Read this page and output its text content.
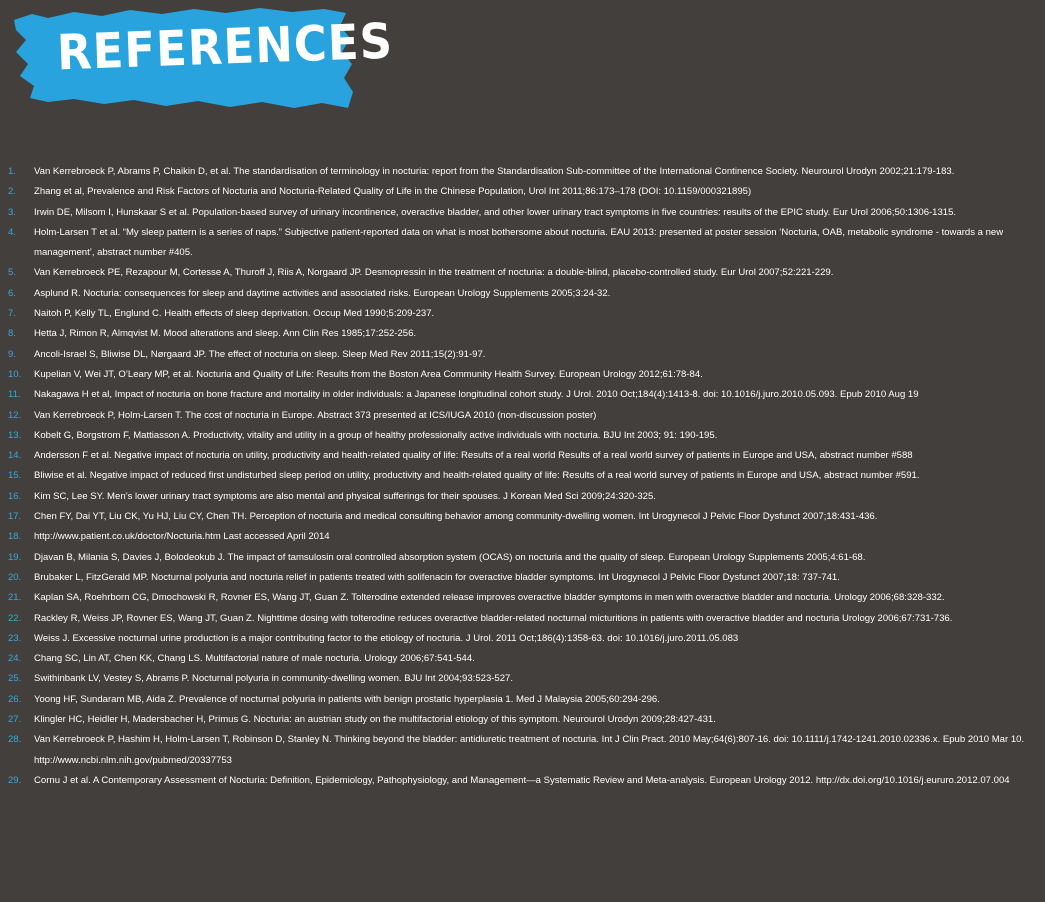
REFERENCES
1. Van Kerrebroeck P, Abrams P, Chaikin D, et al. The standardisation of terminology in nocturia: report from the Standardisation Sub-committee of the International Continence Society. Neurourol Urodyn 2002;21:179-183.
2. Zhang et al, Prevalence and Risk Factors of Nocturia and Nocturia-Related Quality of Life in the Chinese Population, Urol Int 2011;86:173–178 (DOI: 10.1159/000321895)
3. Irwin DE, Milsom I, Hunskaar S et al. Population-based survey of urinary incontinence, overactive bladder, and other lower urinary tract symptoms in five countries: results of the EPIC study. Eur Urol 2006;50:1306-1315.
4. Holm-Larsen T et al. “My sleep pattern is a series of naps.” Subjective patient-reported data on what is most bothersome about nocturia. EAU 2013: presented at poster session ‘Nocturia, OAB, metabolic syndrome - towards a new management’, abstract number #405.
5. Van Kerrebroeck PE, Rezapour M, Cortesse A, Thuroff J, Riis A, Norgaard JP. Desmopressin in the treatment of nocturia: a double-blind, placebo-controlled study. Eur Urol 2007;52:221-229.
6. Asplund R. Nocturia: consequences for sleep and daytime activities and associated risks. European Urology Supplements 2005;3:24-32.
7. Naitoh P, Kelly TL, Englund C. Health effects of sleep deprivation. Occup Med 1990;5:209-237.
8. Hetta J, Rimon R, Almqvist M. Mood alterations and sleep. Ann Clin Res 1985;17:252-256.
9. Ancoli-Israel S, Bliwise DL, Nørgaard JP. The effect of nocturia on sleep. Sleep Med Rev 2011;15(2):91-97.
10. Kupelian V, Wei JT, O’Leary MP, et al. Nocturia and Quality of Life: Results from the Boston Area Community Health Survey. European Urology 2012;61:78-84.
11. Nakagawa H et al, Impact of nocturia on bone fracture and mortality in older individuals: a Japanese longitudinal cohort study. J Urol. 2010 Oct;184(4):1413-8. doi: 10.1016/j.juro.2010.05.093. Epub 2010 Aug 19
12. Van Kerrebroeck P, Holm-Larsen T. The cost of nocturia in Europe. Abstract 373 presented at ICS/IUGA 2010 (non-discussion poster)
13. Kobelt G, Borgstrom F, Mattiasson A. Productivity, vitality and utility in a group of healthy professionally active individuals with nocturia. BJU Int 2003; 91: 190-195.
14. Andersson F et al. Negative impact of nocturia on utility, productivity and health-related quality of life: Results of a real world Results of a real world survey of patients in Europe and USA, abstract number #588
15. Bliwise et al. Negative impact of reduced first undisturbed sleep period on utility, productivity and health-related quality of life: Results of a real world survey of patients in Europe and USA, abstract number #591.
16. Kim SC, Lee SY. Men’s lower urinary tract symptoms are also mental and physical sufferings for their spouses. J Korean Med Sci 2009;24:320-325.
17. Chen FY, Dai YT, Liu CK, Yu HJ, Liu CY, Chen TH. Perception of nocturia and medical consulting behavior among community-dwelling women. Int Urogynecol J Pelvic Floor Dysfunct 2007;18:431-436.
18. http://www.patient.co.uk/doctor/Nocturia.htm Last accessed April 2014
19. Djavan B, Milania S, Davies J, Bolodeokub J. The impact of tamsulosin oral controlled absorption system (OCAS) on nocturia and the quality of sleep. European Urology Supplements 2005;4:61-68.
20. Brubaker L, FitzGerald MP. Nocturnal polyuria and nocturia relief in patients treated with solifenacin for overactive bladder symptoms. Int Urogynecol J Pelvic Floor Dysfunct 2007;18: 737-741.
21. Kaplan SA, Roehrborn CG, Dmochowski R, Rovner ES, Wang JT, Guan Z. Tolterodine extended release improves overactive bladder symptoms in men with overactive bladder and nocturia. Urology 2006;68:328-332.
22. Rackley R, Weiss JP, Rovner ES, Wang JT, Guan Z. Nighttime dosing with tolterodine reduces overactive bladder-related nocturnal micturitions in patients with overactive bladder and nocturia Urology 2006;67:731-736.
23. Weiss J. Excessive nocturnal urine production is a major contributing factor to the etiology of nocturia. J Urol. 2011 Oct;186(4):1358-63. doi: 10.1016/j.juro.2011.05.083
24. Chang SC, Lin AT, Chen KK, Chang LS. Multifactorial nature of male nocturia. Urology 2006;67:541-544.
25. Swithinbank LV, Vestey S, Abrams P. Nocturnal polyuria in community-dwelling women. BJU Int 2004;93:523-527.
26. Yoong HF, Sundaram MB, Aida Z. Prevalence of nocturnal polyuria in patients with benign prostatic hyperplasia 1. Med J Malaysia 2005;60:294-296.
27. Klingler HC, Heidler H, Madersbacher H, Primus G. Nocturia: an austrian study on the multifactorial etiology of this symptom. Neurourol Urodyn 2009;28:427-431.
28. Van Kerrebroeck P, Hashim H, Holm-Larsen T, Robinson D, Stanley N. Thinking beyond the bladder: antidiuretic treatment of nocturia. Int J Clin Pract. 2010 May;64(6):807-16. doi: 10.1111/j.1742-1241.2010.02336.x. Epub 2010 Mar 10. http://www.ncbi.nlm.nih.gov/pubmed/20337753
29. Cornu J et al. A Contemporary Assessment of Nocturia: Definition, Epidemiology, Pathophysiology, and Management—a Systematic Review and Meta-analysis. European Urology 2012. http://dx.doi.org/10.1016/j.eururo.2012.07.004
